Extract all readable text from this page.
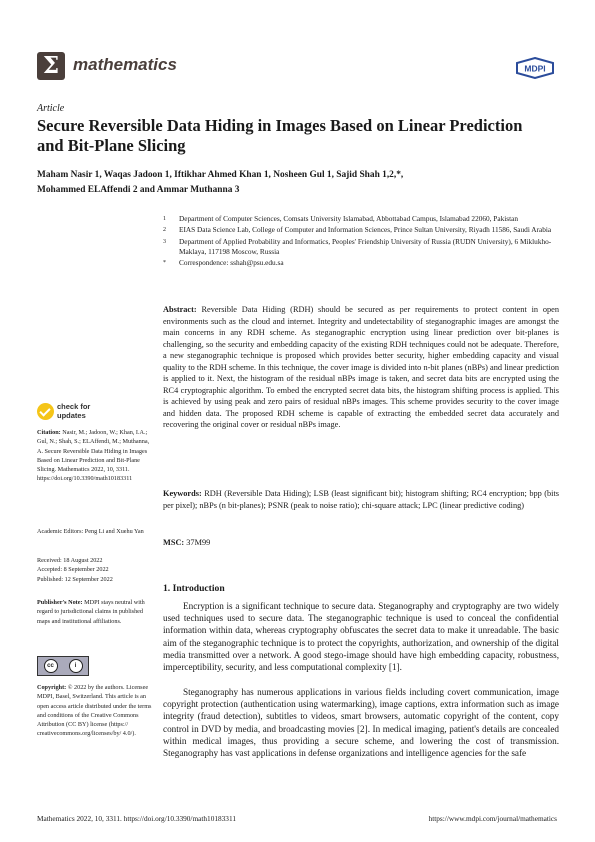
Σ mathematics	MDPI
Article
Secure Reversible Data Hiding in Images Based on Linear Prediction and Bit-Plane Slicing
Maham Nasir 1, Waqas Jadoon 1, Iftikhar Ahmed Khan 1, Nosheen Gul 1, Sajid Shah 1,2,*,
Mohammed ELAffendi 2 and Ammar Muthanna 3
1	Department of Computer Sciences, Comsats University Islamabad, Abbottabad Campus, Islamabad 22060, Pakistan
2	EIAS Data Science Lab, College of Computer and Information Sciences, Prince Sultan University, Riyadh 11586, Saudi Arabia
3	Department of Applied Probability and Informatics, Peoples' Friendship University of Russia (RUDN University), 6 Miklukho-Maklaya, 117198 Moscow, Russia
*	Correspondence: sshah@psu.edu.sa
Abstract: Reversible Data Hiding (RDH) should be secured as per requirements to protect content in open environments such as the cloud and internet. Integrity and undetectability of steganographic images are amongst the main concerns in any RDH scheme. As steganographic encryption using linear prediction over bit-planes is challenging, so the security and embedding capacity of the existing RDH techniques could not be adequate. Therefore, a new steganographic technique is proposed which provides better security, higher embedding capacity and visual quality to the RDH scheme. In this technique, the cover image is divided into n-bit planes (nBPs) and linear prediction is applied to it. Next, the histogram of the residual nBPs image is taken, and secret data bits are encrypted using the RC4 cryptographic algorithm. To embed the encrypted secret data bits, the histogram shifting process is applied. This is achieved by using peak and zero pairs of residual nBPs images. This scheme provides security to the cover image and hidden data. The proposed RDH scheme is capable of extracting the embedded secret data accurately and recovering the original cover or residual nBPs image.
Keywords: RDH (Reversible Data Hiding); LSB (least significant bit); histogram shifting; RC4 encryption; bpp (bits per pixel); nBPs (n bit-planes); PSNR (peak to noise ratio); chi-square attack; LPC (linear predictive coding)
MSC: 37M99
check for
updates
Citation: Nasir, M.; Jadoon, W.; Khan, I.A.; Gul, N.; Shah, S.; ELAffendi, M.; Muthanna, A. Secure Reversible Data Hiding in Images Based on Linear Prediction and Bit-Plane Slicing. Mathematics 2022, 10, 3311. https://doi.org/10.3390/math10183311
Academic Editors: Peng Li and Xuehu Yan
Received: 18 August 2022
Accepted: 8 September 2022
Published: 12 September 2022
Publisher's Note: MDPI stays neutral with regard to jurisdictional claims in published maps and institutional affiliations.
cc	i
Copyright: © 2022 by the authors. Licensee MDPI, Basel, Switzerland. This article is an open access article distributed under the terms and conditions of the Creative Commons Attribution (CC BY) license (https:// creativecommons.org/licenses/by/ 4.0/).
1. Introduction
Encryption is a significant technique to secure data. Steganography and cryptography are two widely used techniques used to secure data. The steganographic technique is used to conceal the confidential information within data, whereas cryptography obfuscates the secret data to make it unreadable. The basic aim of the steganographic technique is to protect the copyrights, authorization, and ownership of the digital media transmitted over a network. A good stego-image should have high embedding capacity, robustness, imperceptibility, security, and less computational complexity [1].
Steganography has numerous applications in various fields including covert communication, image copyright protection (authentication using watermarking), image captions, extra information such as image integrity (fraud detection), subtitles to videos, smart browsers, automatic copyright of the content, copy control in DVD by media, and broadcasting movies [2]. In medical imaging, patient's details are concealed within medical images, thus providing a secure scheme, and lowering the cost of transmission. Steganography has vast applications in defense organizations and intelligence agencies for the safe
Mathematics 2022, 10, 3311. https://doi.org/10.3390/math10183311	https://www.mdpi.com/journal/mathematics
